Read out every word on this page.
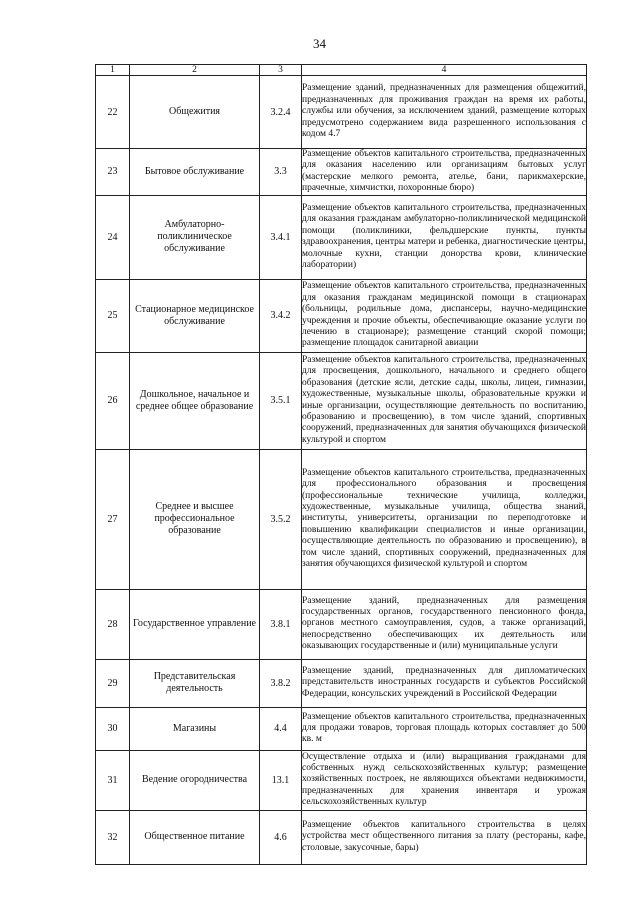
34
1	2	3	4
22	Общежития	3.2.4	Размещение зданий, предназначенных для размещения общежитий, предназначенных для проживания граждан на время их работы, службы или обучения, за исключением зданий, размещение которых предусмотрено содержанием вида разрешенного использования с кодом 4.7
23	Бытовое обслуживание	3.3	Размещение объектов капитального строительства, предназначенных для оказания населению или организациям бытовых услуг (мастерские мелкого ремонта, ателье, бани, парикмахерские, прачечные, химчистки, похоронные бюро)
24	Амбулаторно-поликлиническое обслуживание	3.4.1	Размещение объектов капитального строительства, предназначенных для оказания гражданам амбулаторно-поликлинической медицинской помощи (поликлиники, фельдшерские пункты, пункты здравоохранения, центры матери и ребенка, диагностические центры, молочные кухни, станции донорства крови, клинические лаборатории)
25	Стационарное медицинское обслуживание	3.4.2	Размещение объектов капитального строительства, предназначенных для оказания гражданам медицинской помощи в стационарах (больницы, родильные дома, диспансеры, научно-медицинские учреждения и прочие объекты, обеспечивающие оказание услуги по лечению в стационаре); размещение станций скорой помощи; размещение площадок санитарной авиации
26	Дошкольное, начальное и среднее общее образование	3.5.1	Размещение объектов капитального строительства, предназначенных для просвещения, дошкольного, начального и среднего общего образования (детские ясли, детские сады, школы, лицеи, гимназии, художественные, музыкальные школы, образовательные кружки и иные организации, осуществляющие деятельность по воспитанию, образованию и просвещению), в том числе зданий, спортивных сооружений, предназначенных для занятия обучающихся физической культурой и спортом
27	Среднее и высшее профессиональное образование	3.5.2	Размещение объектов капитального строительства, предназначенных для профессионального образования и просвещения (профессиональные технические училища, колледжи, художественные, музыкальные училища, общества знаний, институты, университеты, организации по переподготовке и повышению квалификации специалистов и иные организации, осуществляющие деятельность по образованию и просвещению), в том числе зданий, спортивных сооружений, предназначенных для занятия обучающихся физической культурой и спортом
28	Государственное управление	3.8.1	Размещение зданий, предназначенных для размещения государственных органов, государственного пенсионного фонда, органов местного самоуправления, судов, а также организаций, непосредственно обеспечивающих их деятельность или оказывающих государственные и (или) муниципальные услуги
29	Представительская деятельность	3.8.2	Размещение зданий, предназначенных для дипломатических представительств иностранных государств и субъектов Российской Федерации, консульских учреждений в Российской Федерации
30	Магазины	4.4	Размещение объектов капитального строительства, предназначенных для продажи товаров, торговая площадь которых составляет до 500 кв. м
31	Ведение огородничества	13.1	Осуществление отдыха и (или) выращивания гражданами для собственных нужд сельскохозяйственных культур; размещение хозяйственных построек, не являющихся объектами недвижимости, предназначенных для хранения инвентаря и урожая сельскохозяйственных культур
32	Общественное питание	4.6	Размещение объектов капитального строительства в целях устройства мест общественного питания за плату (рестораны, кафе, столовые, закусочные, бары)
